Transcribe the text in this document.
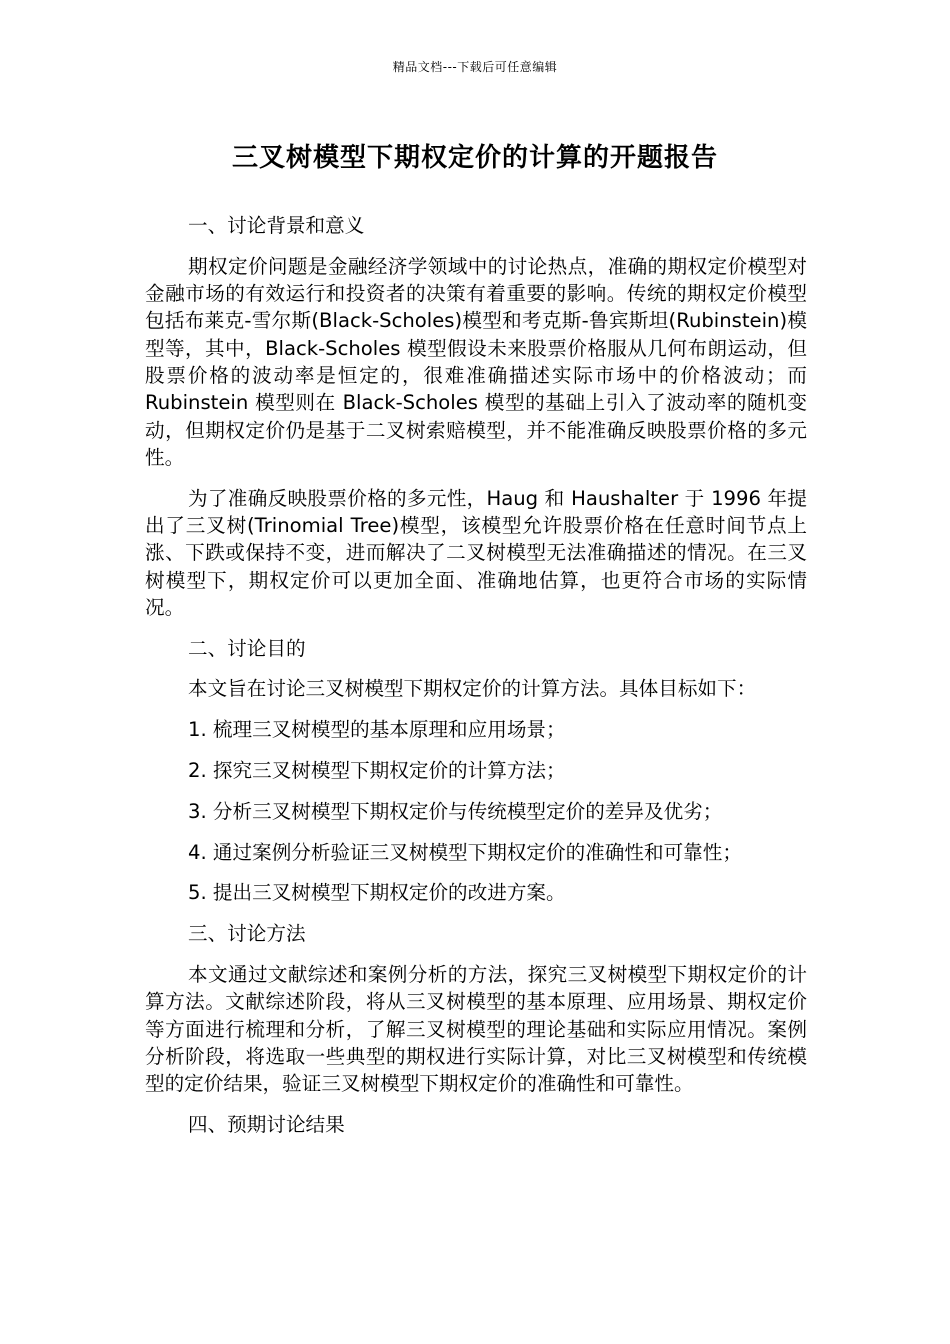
精品文档---下载后可任意编辑
三叉树模型下期权定价的计算的开题报告

一、讨论背景和意义

期权定价问题是金融经济学领域中的讨论热点，准确的期权定价模型对金融市场的有效运行和投资者的决策有着重要的影响。传统的期权定价模型包括布莱克-雪尔斯(Black-Scholes)模型和考克斯-鲁宾斯坦(Rubinstein)模型等，其中，Black-Scholes 模型假设未来股票价格服从几何布朗运动，但股票价格的波动率是恒定的，很难准确描述实际市场中的价格波动；而 Rubinstein 模型则在 Black-Scholes 模型的基础上引入了波动率的随机变动，但期权定价仍是基于二叉树索赔模型，并不能准确反映股票价格的多元性。

为了准确反映股票价格的多元性，Haug 和 Haushalter 于 1996 年提出了三叉树(Trinomial Tree)模型，该模型允许股票价格在任意时间节点上涨、下跌或保持不变，进而解决了二叉树模型无法准确描述的情况。在三叉树模型下，期权定价可以更加全面、准确地估算，也更符合市场的实际情况。

二、讨论目的

本文旨在讨论三叉树模型下期权定价的计算方法。具体目标如下：

1. 梳理三叉树模型的基本原理和应用场景；

2. 探究三叉树模型下期权定价的计算方法；

3. 分析三叉树模型下期权定价与传统模型定价的差异及优劣；

4. 通过案例分析验证三叉树模型下期权定价的准确性和可靠性；

5. 提出三叉树模型下期权定价的改进方案。

三、讨论方法

本文通过文献综述和案例分析的方法，探究三叉树模型下期权定价的计算方法。文献综述阶段，将从三叉树模型的基本原理、应用场景、期权定价等方面进行梳理和分析，了解三叉树模型的理论基础和实际应用情况。案例分析阶段，将选取一些典型的期权进行实际计算，对比三叉树模型和传统模型的定价结果，验证三叉树模型下期权定价的准确性和可靠性。

四、预期讨论结果
